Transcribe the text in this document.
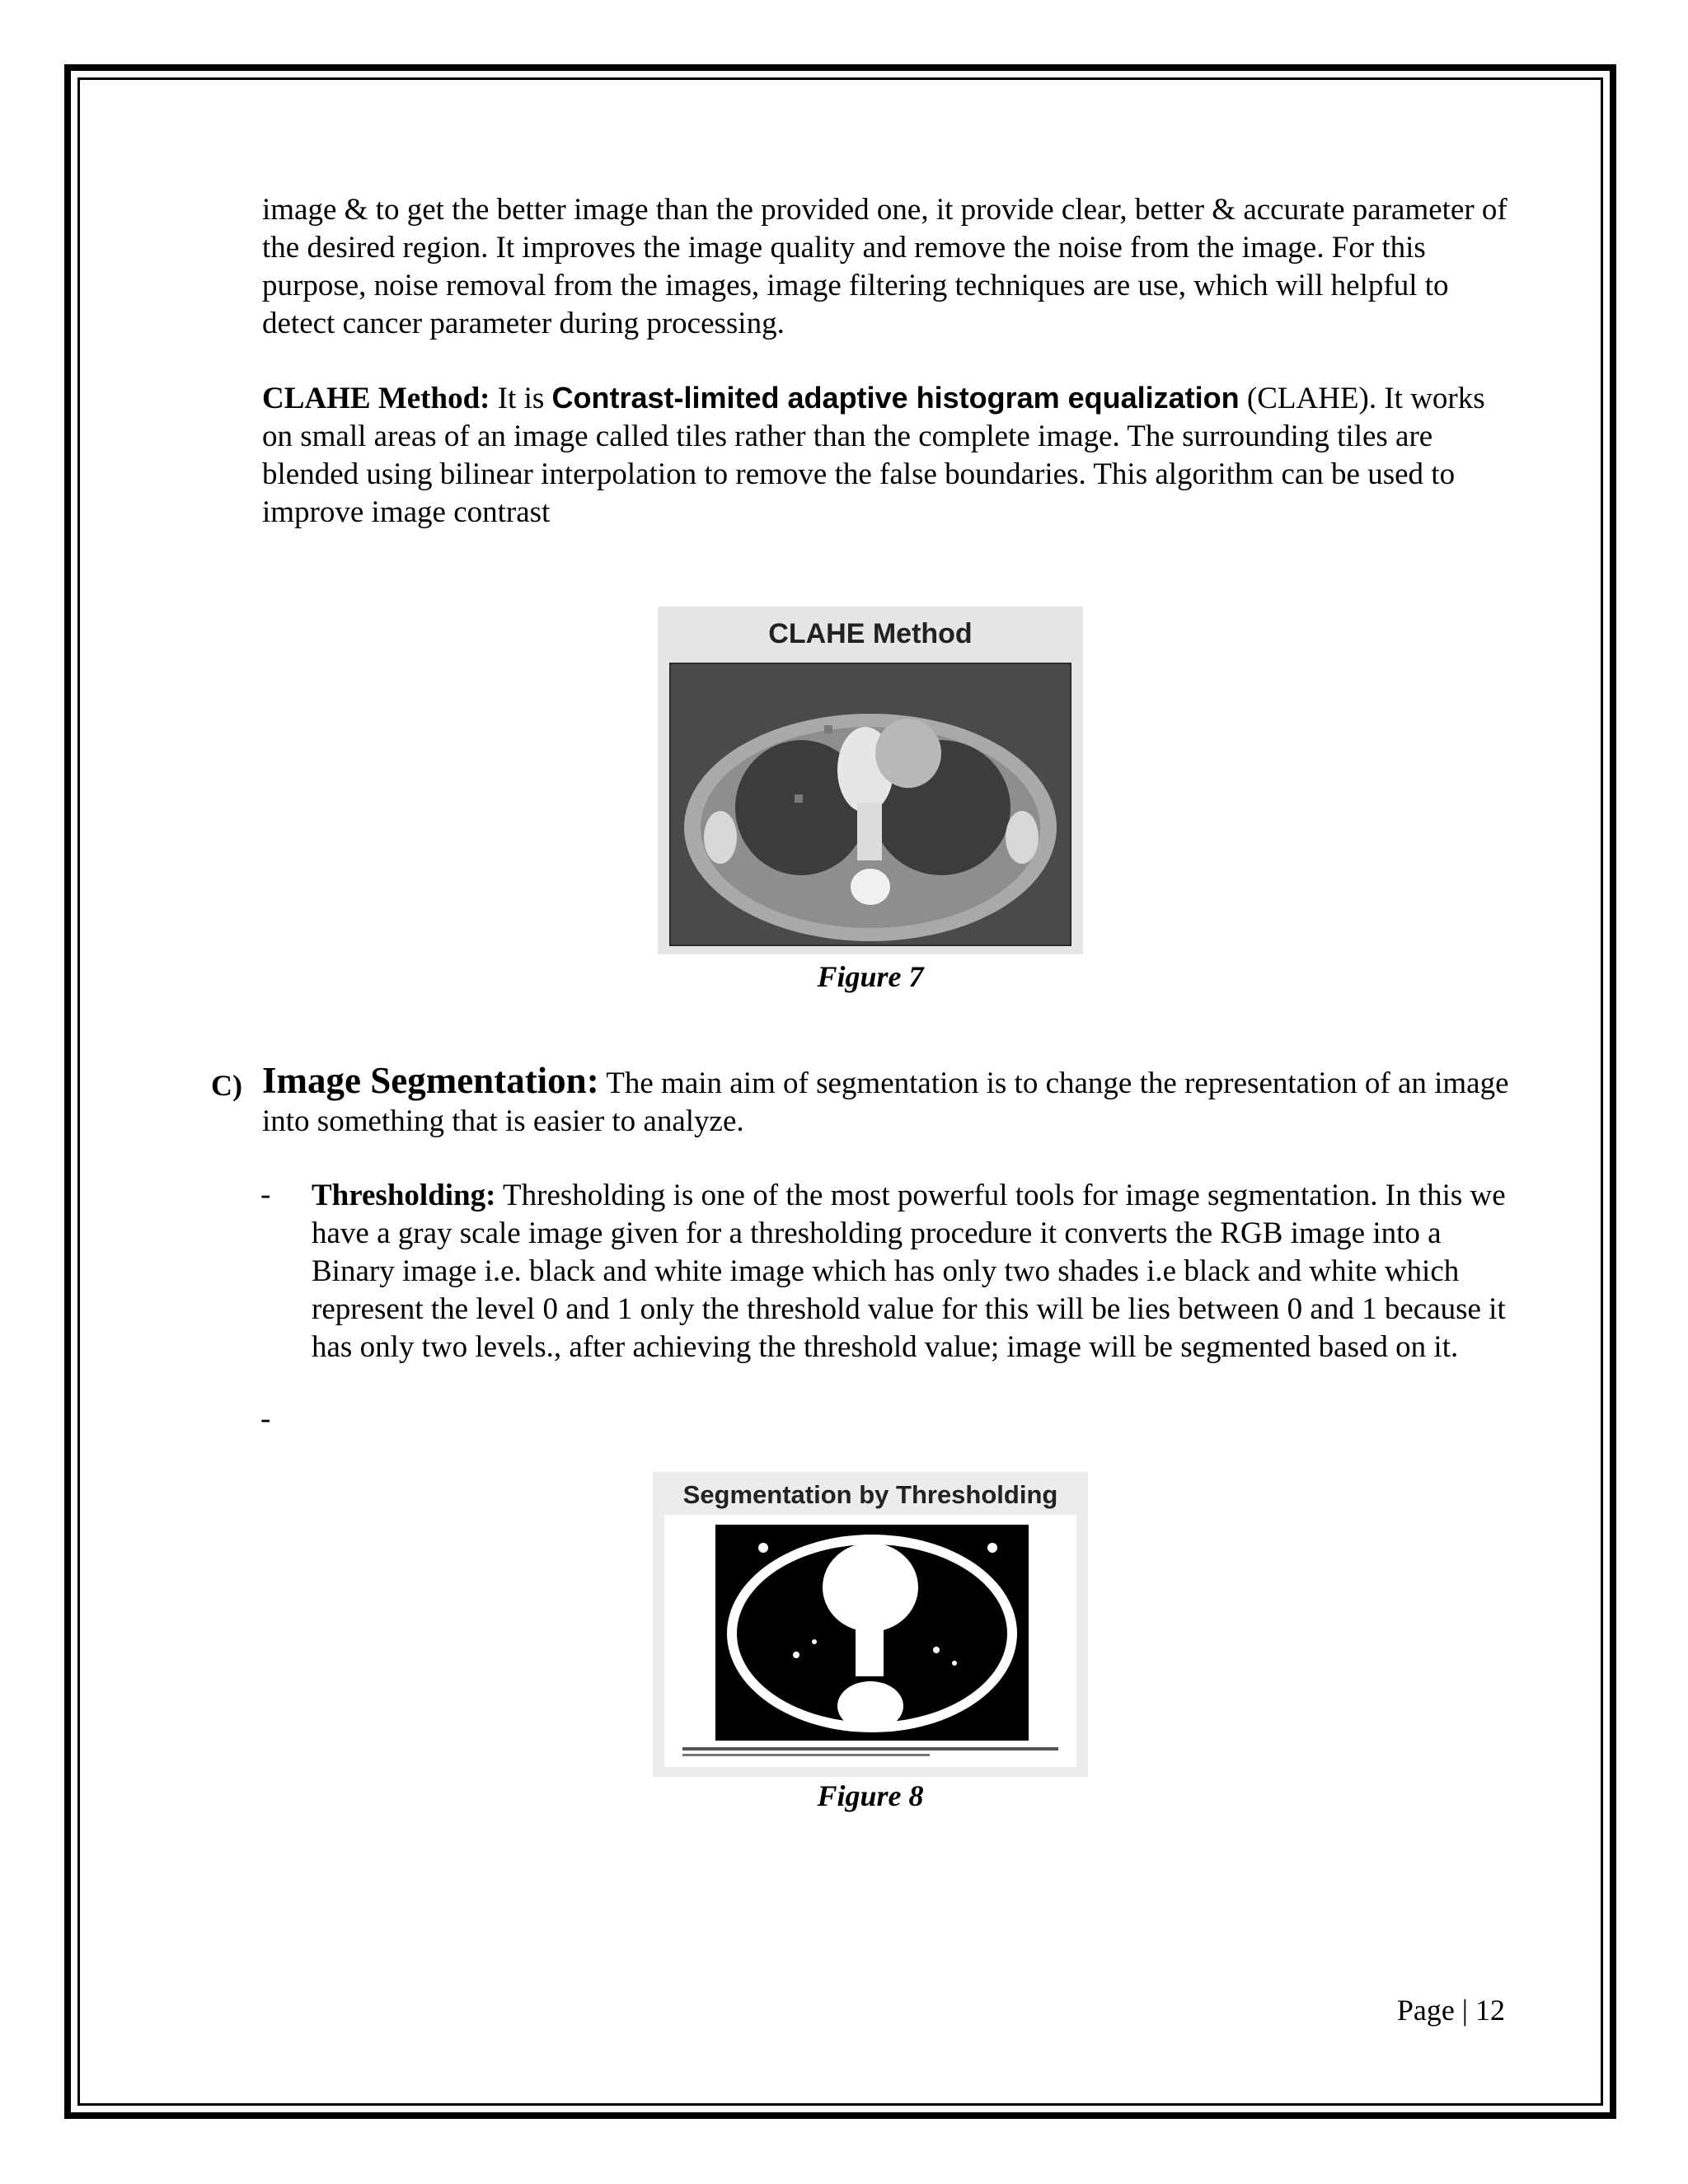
image & to get the better image than the provided one, it provide clear, better & accurate parameter of the desired region. It improves the image quality and remove the noise from the image. For this purpose, noise removal from the images, image filtering techniques are use, which will helpful to detect cancer parameter during processing.

CLAHE Method: It is Contrast-limited adaptive histogram equalization (CLAHE). It works on small areas of an image called tiles rather than the complete image. The surrounding tiles are blended using bilinear interpolation to remove the false boundaries. This algorithm can be used to improve image contrast

CLAHE Method
Figure 7
C) Image Segmentation: The main aim of segmentation is to change the representation of an image into something that is easier to analyze.

- Thresholding: Thresholding is one of the most powerful tools for image segmentation. In this we have a gray scale image given for a thresholding procedure it converts the RGB image into a Binary image i.e. black and white image which has only two shades i.e black and white which represent the level 0 and 1 only the threshold value for this will be lies between 0 and 1 because it has only two levels., after achieving the threshold value; image will be segmented based on it.

-
Segmentation by Thresholding
Figure 8
Page | 12
